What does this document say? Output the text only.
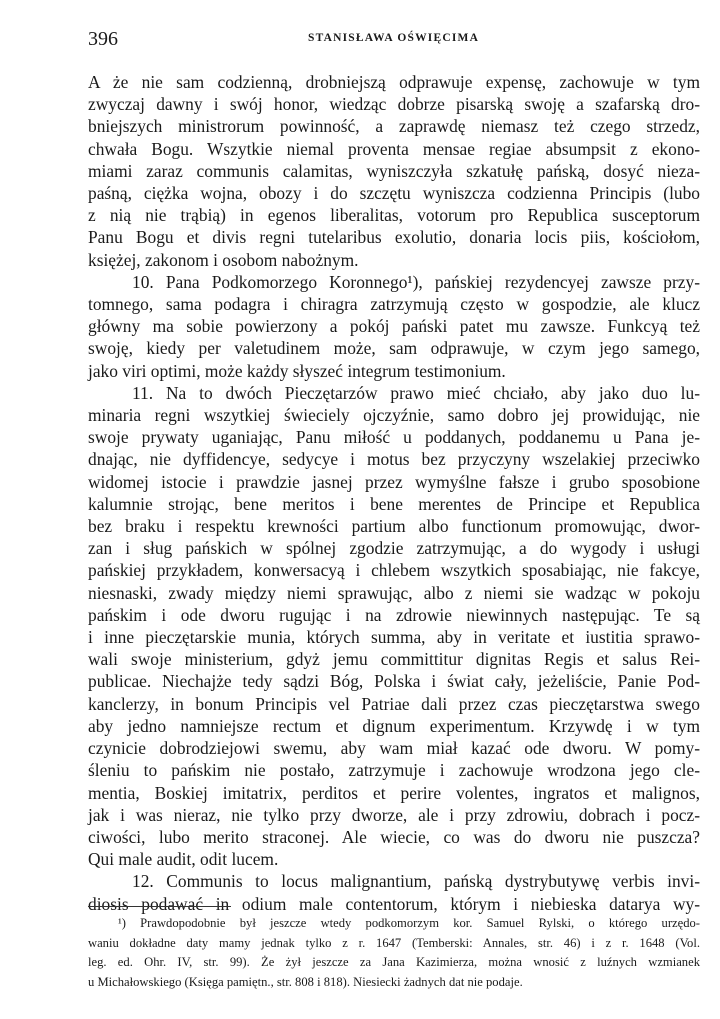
396	STANISŁAWA OŚWIĘCIMA
A że nie sam codzienną, drobniejszą odprawuje expensę, zachowuje w tym
zwyczaj dawny i swój honor, wiedząc dobrze pisarską swoję a szafarską dro-
bniejszych ministrorum powinność, a zaprawdę niemasz też czego strzedz,
chwała Bogu. Wszytkie niemal proventa mensae regiae absumpsit z ekono-
miami zaraz communis calamitas, wyniszczyła szkatułę pańską, dosyć nieza-
paśną, ciężka wojna, obozy i do szczętu wyniszcza codzienna Principis (lubo
z nią nie trąbią) in egenos liberalitas, votorum pro Republica susceptorum
Panu Bogu et divis regni tutelaribus exolutio, donaria locis piis, kościołom,
księżej, zakonom i osobom nabożnym.
10. Pana Podkomorzego Koronnego¹), pańskiej rezydencyej zawsze przy-
tomnego, sama podagra i chiragra zatrzymują często w gospodzie, ale klucz
główny ma sobie powierzony a pokój pański patet mu zawsze. Funkcyą też
swoję, kiedy per valetudinem może, sam odprawuje, w czym jego samego,
jako viri optimi, może każdy słyszeć integrum testimonium.
11. Na to dwóch Pieczętarzów prawo mieć chciało, aby jako duo lu-
minaria regni wszytkiej świeciely ojczyźnie, samo dobro jej prowidując, nie
swoje prywaty uganiając, Panu miłość u poddanych, poddanemu u Pana je-
dnając, nie dyffidencye, sedycye i motus bez przyczyny wszelakiej przeciwko
widomej istocie i prawdzie jasnej przez wymyślne fałsze i grubo sposobione
kalumnie strojąc, bene meritos i bene merentes de Principe et Republica
bez braku i respektu krewności partium albo functionum promowując, dwor-
zan i sług pańskich w spólnej zgodzie zatrzymując, a do wygody i usługi
pańskiej przykładem, konwersacyą i chlebem wszytkich sposabiając, nie fakcye,
niesnaski, zwady między niemi sprawując, albo z niemi sie wadząc w pokoju
pańskim i ode dworu rugując i na zdrowie niewinnych następując. Te są
i inne pieczętarskie munia, których summa, aby in veritate et iustitia sprawo-
wali swoje ministerium, gdyż jemu committitur dignitas Regis et salus Rei-
publicae. Niechajże tedy sądzi Bóg, Polska i świat cały, jeżeliście, Panie Pod-
kanclerzy, in bonum Principis vel Patriae dali przez czas pieczętarstwa swego
aby jedno namniejsze rectum et dignum experimentum. Krzywdę i w tym
czynicie dobrodziejowi swemu, aby wam miał kazać ode dworu. W pomy-
śleniu to pańskim nie postało, zatrzymuje i zachowuje wrodzona jego cle-
mentia, Boskiej imitatrix, perditos et perire volentes, ingratos et malignos,
jak i was nieraz, nie tylko przy dworze, ale i przy zdrowiu, dobrach i pocz-
ciwości, lubo merito straconej. Ale wiecie, co was do dworu nie puszcza?
Qui male audit, odit lucem.
12. Communis to locus malignantium, pańską dystrybutywę verbis invi-
diosis podawać in odium male contentorum, którym i niebieska datarya wy-
¹) Prawdopodobnie był jeszcze wtedy podkomorzym kor. Samuel Rylski, o którego urzędo-
waniu dokładne daty mamy jednak tylko z r. 1647 (Temberski: Annales, str. 46) i z r. 1648 (Vol.
leg. ed. Ohr. IV, str. 99). Że żył jeszcze za Jana Kazimierza, można wnosić z luźnych wzmianek
u Michałowskiego (Księga pamiętn., str. 808 i 818). Niesiecki żadnych dat nie podaje.
